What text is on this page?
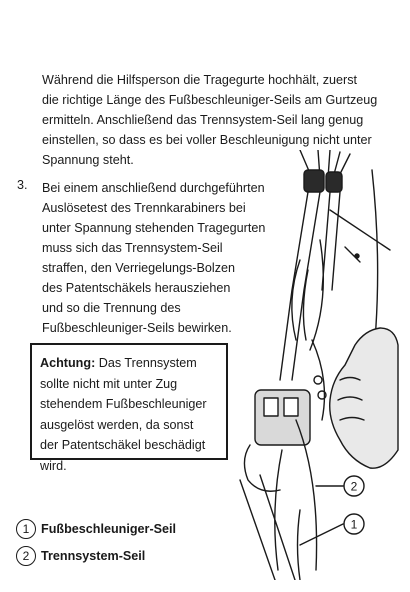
Während die Hilfsperson die Tragegurte hochhält, zuerst
die richtige Länge des Fußbeschleuniger-Seils am Gurtzeug
ermitteln. Anschließend das Trennsystem-Seil lang genug
einstellen, so dass es bei voller Beschleunigung nicht unter
Spannung steht.
3. Bei einem anschließend durchgeführten
Auslösetest des Trennkarabiners bei
unter Spannung stehenden Tragegurten
muss sich das Trennsystem-Seil
straffen, den Verriegelungs-Bolzen
des Patentschäkels herausziehen
und so die Trennung des
Fußbeschleuniger-Seils bewirken.
Achtung: Das Trennsystem
sollte nicht mit unter Zug
stehendem Fußbeschleuniger
ausgelöst werden, da sonst
der Patentschäkel beschädigt
wird.
2
1
1 Fußbeschleuniger-Seil
2 Trennsystem-Seil
